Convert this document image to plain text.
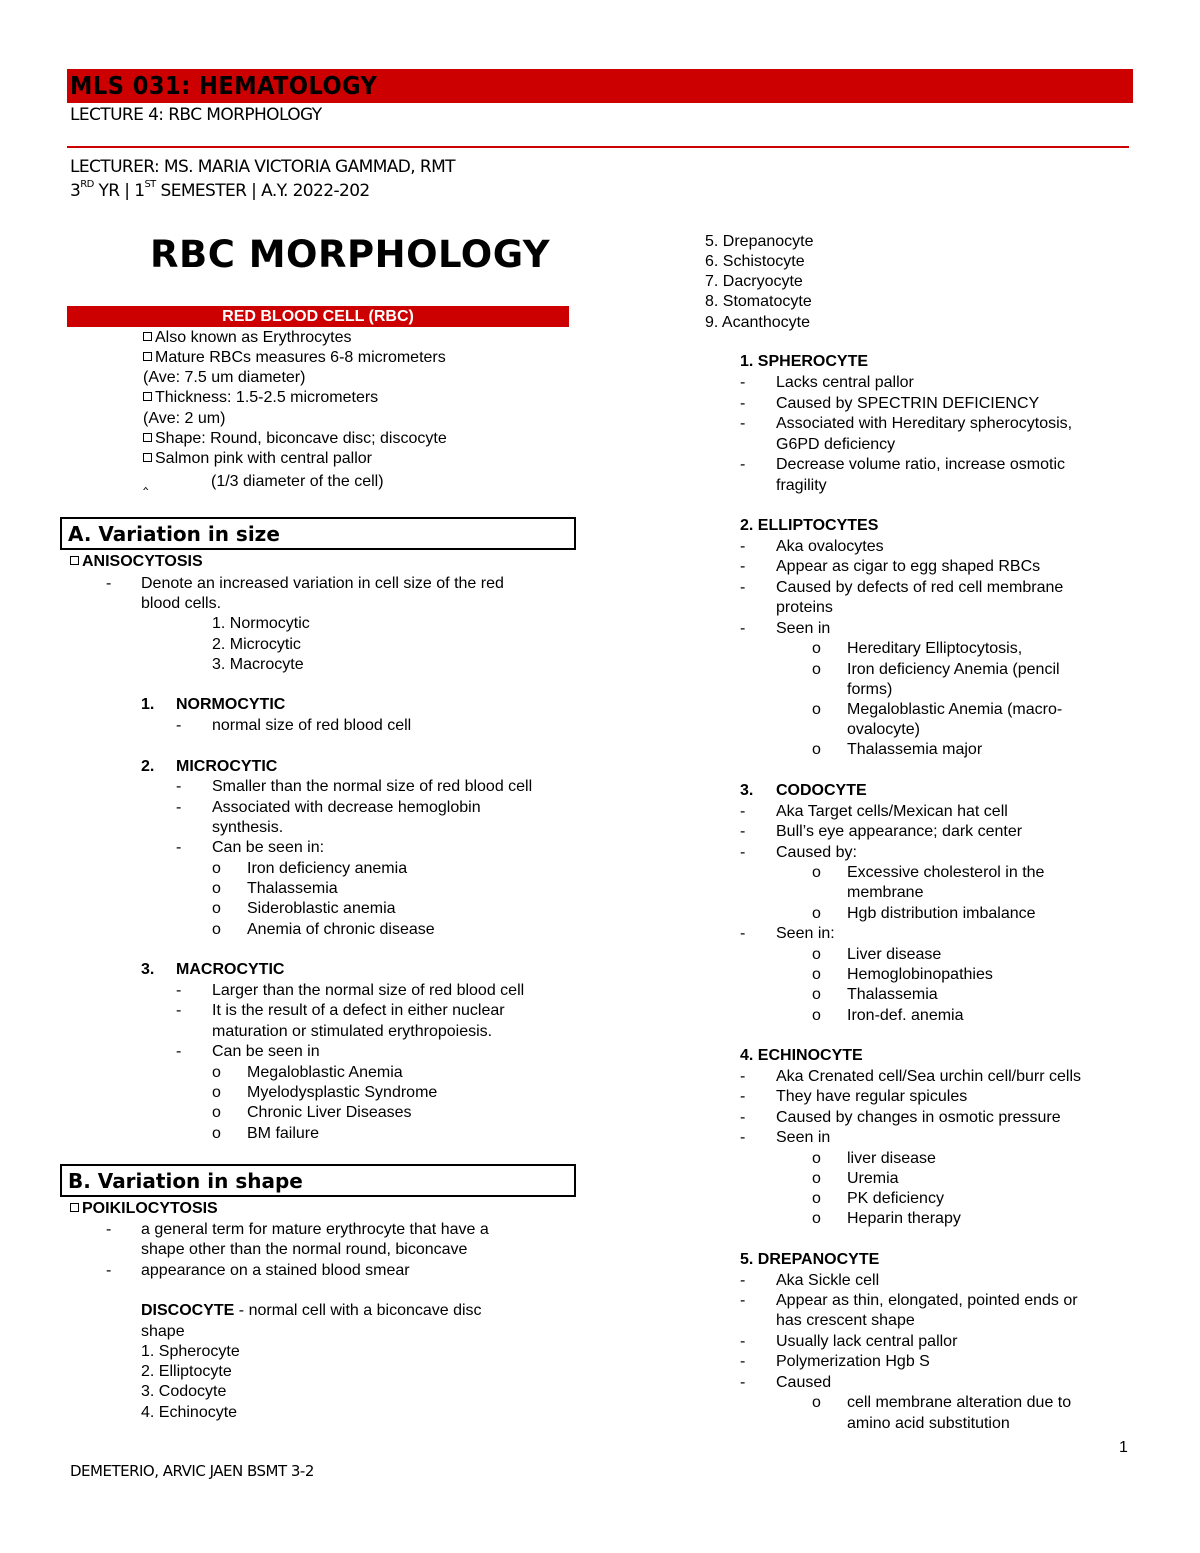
MLS 031: HEMATOLOGY
LECTURE 4: RBC MORPHOLOGY
LECTURER: MS. MARIA VICTORIA GAMMAD, RMT
3RD YR | 1ST SEMESTER | A.Y. 2022-202
RBC MORPHOLOGY
RED BLOOD CELL (RBC)
Also known as Erythrocytes
Mature RBCs measures 6-8 micrometers
(Ave: 7.5 um diameter)
Thickness: 1.5-2.5 micrometers
(Ave: 2 um)
Shape: Round, biconcave disc; discocyte
Salmon pink with central pallor
‸	(1/3 diameter of the cell)
A. Variation in size
ANISOCYTOSIS
- Denote an increased variation in cell size of the red
blood cells.
1. Normocytic
2. Microcytic
3. Macrocyte
1. NORMOCYTIC
- normal size of red blood cell
2. MICROCYTIC
- Smaller than the normal size of red blood cell
- Associated with decrease hemoglobin
synthesis.
- Can be seen in:
o Iron deficiency anemia
o Thalassemia
o Sideroblastic anemia
o Anemia of chronic disease
3. MACROCYTIC
- Larger than the normal size of red blood cell
- It is the result of a defect in either nuclear
maturation or stimulated erythropoiesis.
- Can be seen in
o Megaloblastic Anemia
o Myelodysplastic Syndrome
o Chronic Liver Diseases
o BM failure
B. Variation in shape
POIKILOCYTOSIS
- a general term for mature erythrocyte that have a
shape other than the normal round, biconcave
- appearance on a stained blood smear
DISCOCYTE - normal cell with a biconcave disc
shape
1. Spherocyte
2. Elliptocyte
3. Codocyte
4. Echinocyte
5. Drepanocyte
6. Schistocyte
7. Dacryocyte
8. Stomatocyte
9. Acanthocyte
1. SPHEROCYTE
- Lacks central pallor
- Caused by SPECTRIN DEFICIENCY
- Associated with Hereditary spherocytosis,
G6PD deficiency
- Decrease volume ratio, increase osmotic
fragility
2. ELLIPTOCYTES
- Aka ovalocytes
- Appear as cigar to egg shaped RBCs
- Caused by defects of red cell membrane
proteins
- Seen in
o Hereditary Elliptocytosis,
o Iron deficiency Anemia (pencil
forms)
o Megaloblastic Anemia (macro-
ovalocyte)
o Thalassemia major
3. CODOCYTE
- Aka Target cells/Mexican hat cell
- Bull’s eye appearance; dark center
- Caused by:
o Excessive cholesterol in the
membrane
o Hgb distribution imbalance
- Seen in:
o Liver disease
o Hemoglobinopathies
o Thalassemia
o Iron-def. anemia
4. ECHINOCYTE
- Aka Crenated cell/Sea urchin cell/burr cells
- They have regular spicules
- Caused by changes in osmotic pressure
- Seen in
o liver disease
o Uremia
o PK deficiency
o Heparin therapy
5. DREPANOCYTE
- Aka Sickle cell
- Appear as thin, elongated, pointed ends or
has crescent shape
- Usually lack central pallor
- Polymerization Hgb S
- Caused
o cell membrane alteration due to
amino acid substitution
1
DEMETERIO, ARVIC JAEN BSMT 3-2
